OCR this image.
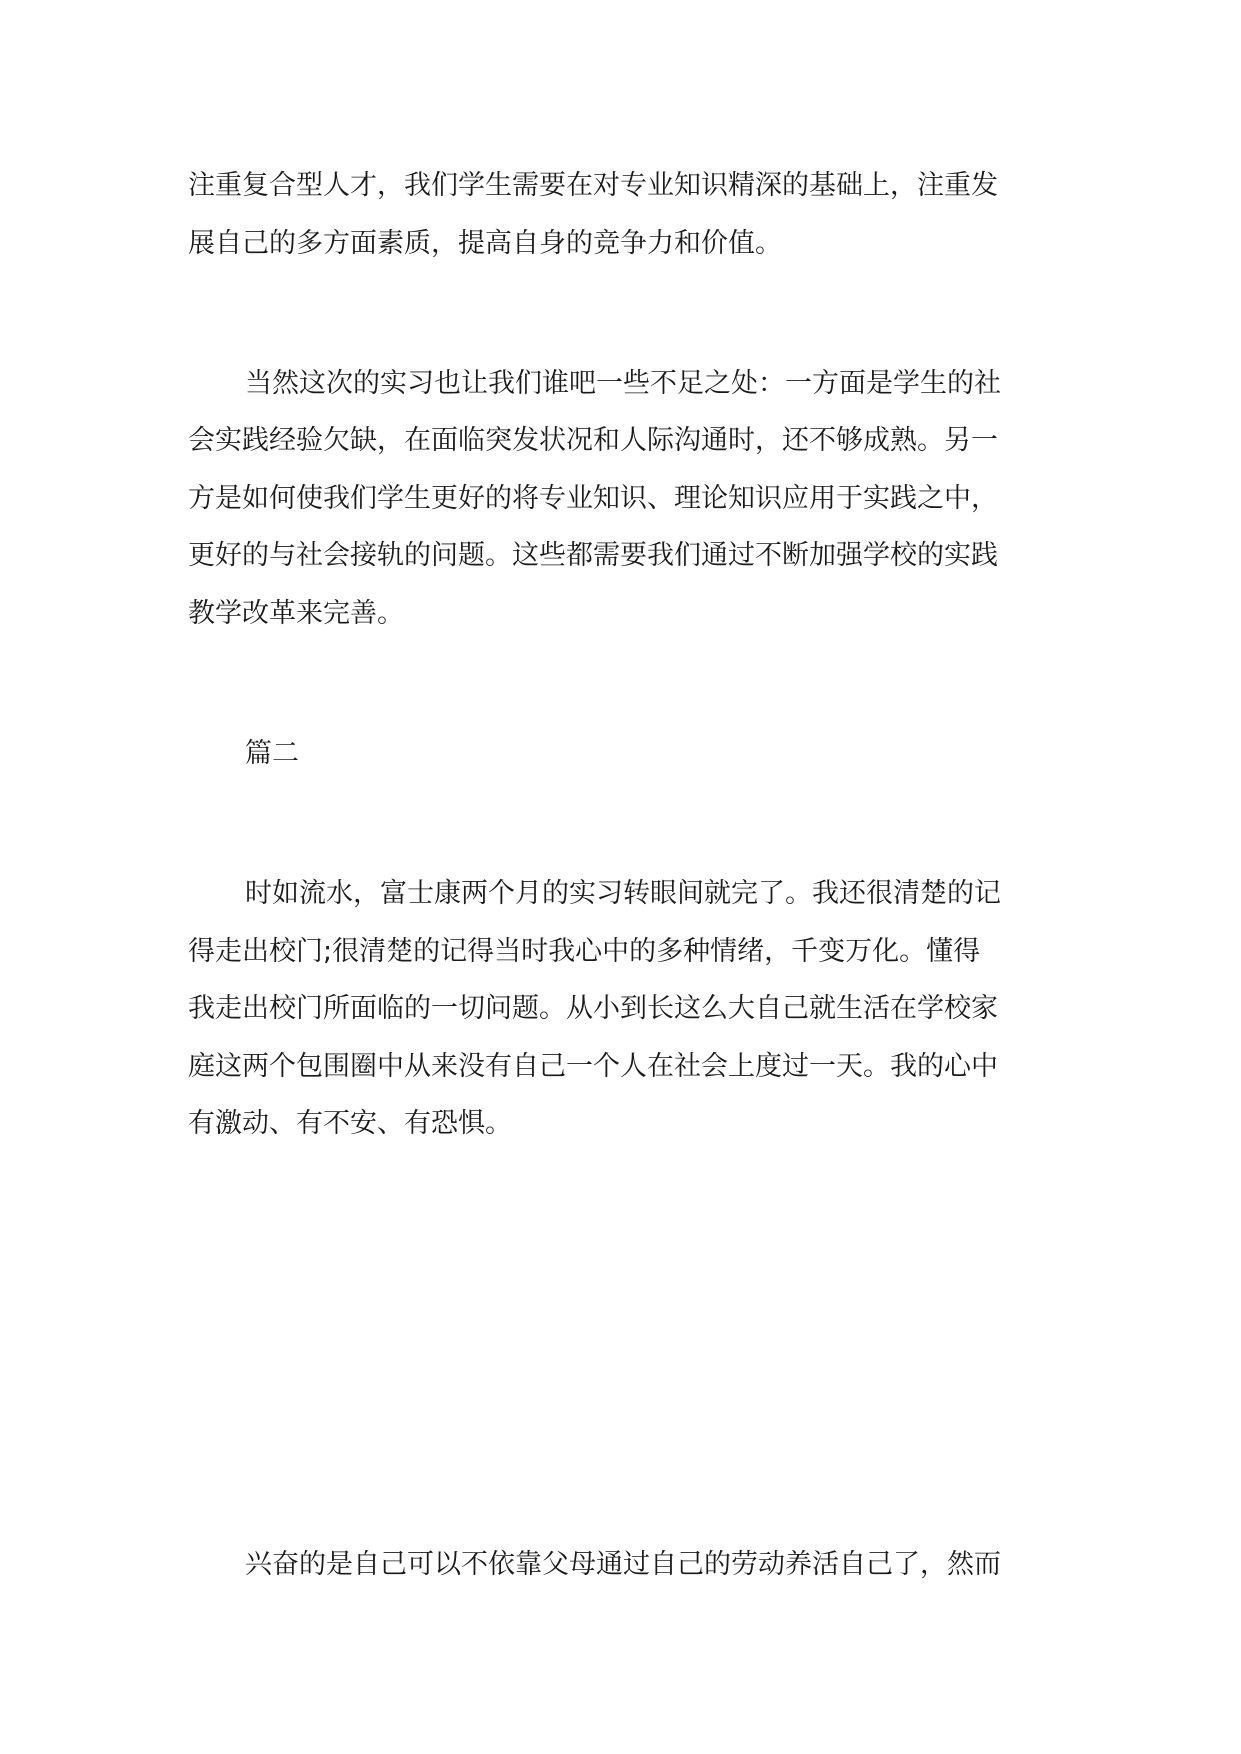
注重复合型人才，我们学生需要在对专业知识精深的基础上，注重发
展自己的多方面素质，提高自身的竞争力和价值。
当然这次的实习也让我们谁吧一些不足之处：一方面是学生的社
会实践经验欠缺，在面临突发状况和人际沟通时，还不够成熟。另一
方是如何使我们学生更好的将专业知识、理论知识应用于实践之中，
更好的与社会接轨的问题。这些都需要我们通过不断加强学校的实践
教学改革来完善。
篇二
时如流水，富士康两个月的实习转眼间就完了。我还很清楚的记
得走出校门;很清楚的记得当时我心中的多种情绪，千变万化。懂得
我走出校门所面临的一切问题。从小到长这么大自己就生活在学校家
庭这两个包围圈中从来没有自己一个人在社会上度过一天。我的心中
有激动、有不安、有恐惧。
兴奋的是自己可以不依靠父母通过自己的劳动养活自己了，然而
